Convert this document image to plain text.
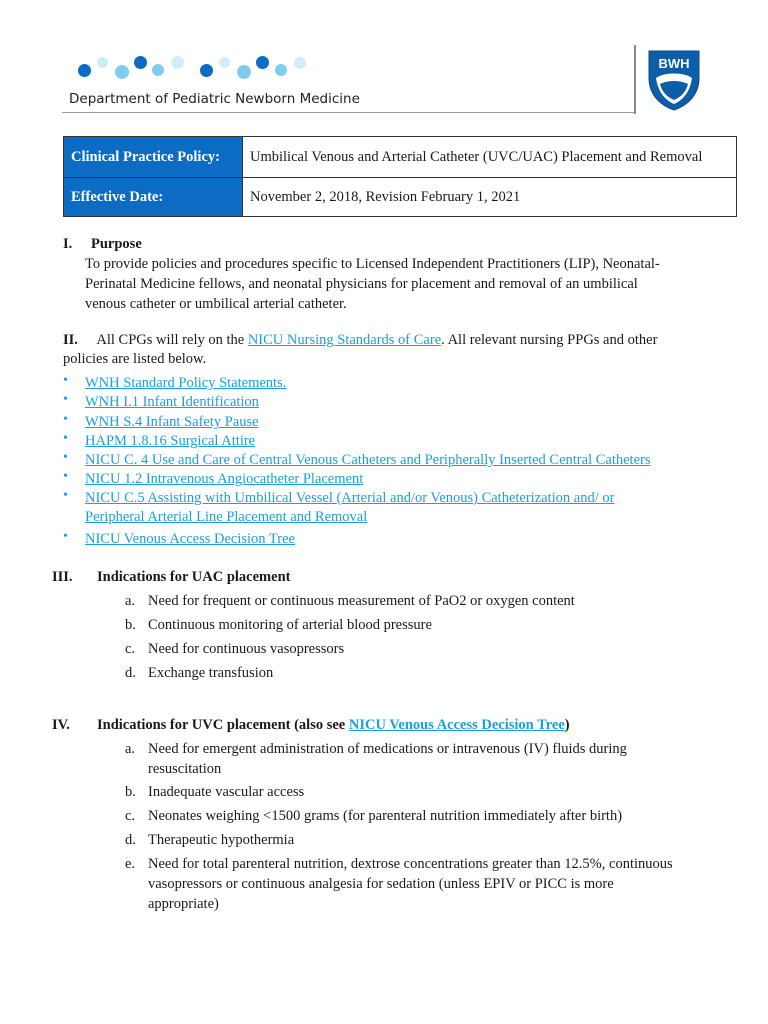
Department of Pediatric Newborn Medicine
BWH
Clinical Practice Policy:	Umbilical Venous and Arterial Catheter (UVC/UAC) Placement and Removal
Effective Date:	November 2, 2018, Revision February 1, 2021
I. Purpose
To provide policies and procedures specific to Licensed Independent Practitioners (LIP), Neonatal-
Perinatal Medicine fellows, and neonatal physicians for placement and removal of an umbilical
venous catheter or umbilical arterial catheter.
II. All CPGs will rely on the NICU Nursing Standards of Care. All relevant nursing PPGs and other
policies are listed below.
• WNH Standard Policy Statements.
• WNH I.1 Infant Identification
• WNH S.4 Infant Safety Pause
• HAPM 1.8.16 Surgical Attire
• NICU C. 4 Use and Care of Central Venous Catheters and Peripherally Inserted Central Catheters
• NICU 1.2 Intravenous Angiocatheter Placement
• NICU C.5 Assisting with Umbilical Vessel (Arterial and/or Venous) Catheterization and/ or
Peripheral Arterial Line Placement and Removal
• NICU Venous Access Decision Tree
III. Indications for UAC placement
a. Need for frequent or continuous measurement of PaO2 or oxygen content
b. Continuous monitoring of arterial blood pressure
c. Need for continuous vasopressors
d. Exchange transfusion
IV. Indications for UVC placement (also see NICU Venous Access Decision Tree)
a. Need for emergent administration of medications or intravenous (IV) fluids during
resuscitation
b. Inadequate vascular access
c. Neonates weighing <1500 grams (for parenteral nutrition immediately after birth)
d. Therapeutic hypothermia
e. Need for total parenteral nutrition, dextrose concentrations greater than 12.5%, continuous
vasopressors or continuous analgesia for sedation (unless EPIV or PICC is more
appropriate)
